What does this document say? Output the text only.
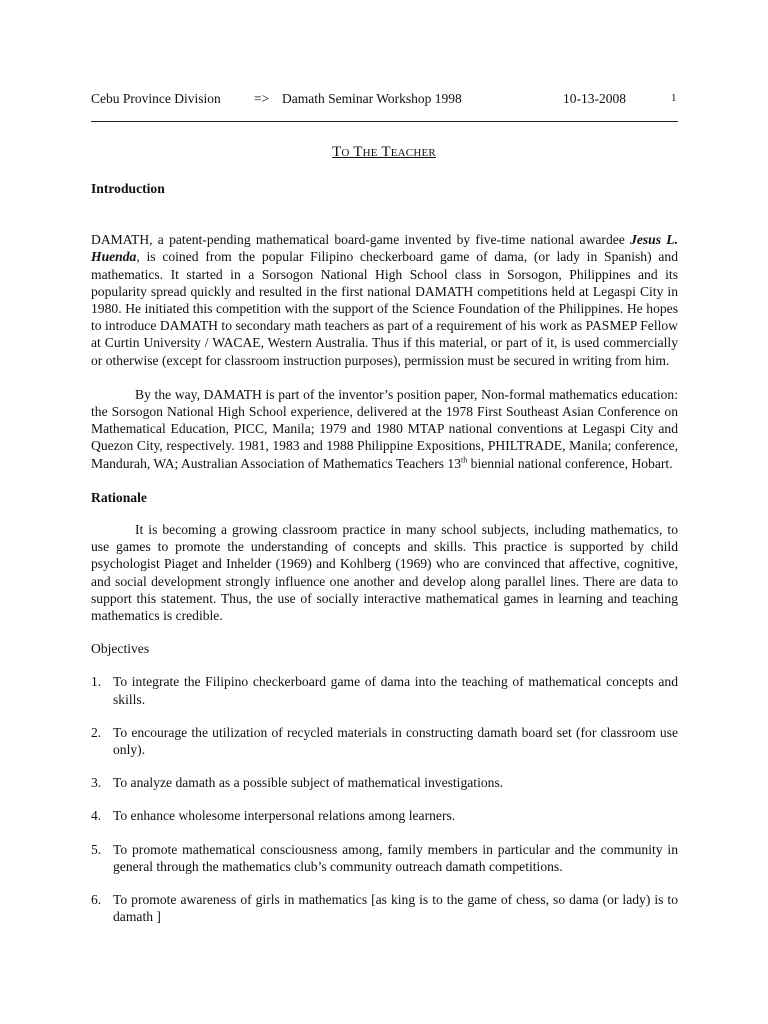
Cebu Province Division => Damath Seminar Workshop 1998	10-13-2008	1
To The Teacher

Introduction

DAMATH, a patent-pending mathematical board-game invented by five-time national awardee Jesus L. Huenda, is coined from the popular Filipino checkerboard game of dama, (or lady in Spanish) and mathematics. It started in a Sorsogon National High School class in Sorsogon, Philippines and its popularity spread quickly and resulted in the first national DAMATH competitions held at Legaspi City in 1980. He initiated this competition with the support of the Science Foundation of the Philippines. He hopes to introduce DAMATH to secondary math teachers as part of a requirement of his work as PASMEP Fellow at Curtin University / WACAE, Western Australia. Thus if this material, or part of it, is used commercially or otherwise (except for classroom instruction purposes), permission must be secured in writing from him.

By the way, DAMATH is part of the inventor’s position paper, Non-formal mathematics education: the Sorsogon National High School experience, delivered at the 1978 First Southeast Asian Conference on Mathematical Education, PICC, Manila; 1979 and 1980 MTAP national conventions at Legaspi City and Quezon City, respectively. 1981, 1983 and 1988 Philippine Expositions, PHILTRADE, Manila; conference, Mandurah, WA; Australian Association of Mathematics Teachers 13th biennial national conference, Hobart.

Rationale

It is becoming a growing classroom practice in many school subjects, including mathematics, to use games to promote the understanding of concepts and skills. This practice is supported by child psychologist Piaget and Inhelder (1969) and Kohlberg (1969) who are convinced that affective, cognitive, and social development strongly influence one another and develop along parallel lines. There are data to support this statement. Thus, the use of socially interactive mathematical games in learning and teaching mathematics is credible.

Objectives

1. To integrate the Filipino checkerboard game of dama into the teaching of mathematical concepts and skills.
2. To encourage the utilization of recycled materials in constructing damath board set (for classroom use only).
3. To analyze damath as a possible subject of mathematical investigations.
4. To enhance wholesome interpersonal relations among learners.
5. To promote mathematical consciousness among, family members in particular and the community in general through the mathematics club’s community outreach damath competitions.
6. To promote awareness of girls in mathematics [as king is to the game of chess, so dama (or lady) is to damath ]
